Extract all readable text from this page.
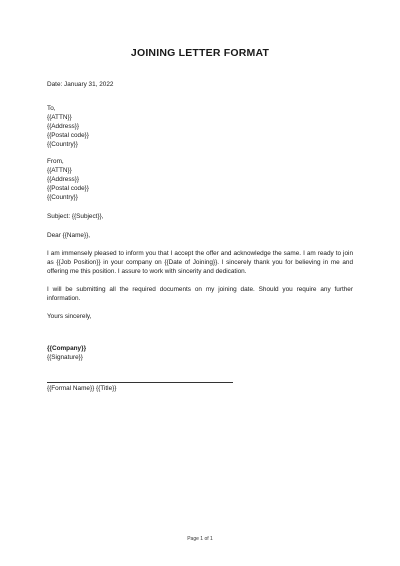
JOINING LETTER FORMAT
Date: January 31, 2022
To,
{{ATTN}}
{{Address}}
{{Postal code}}
{{Country}}
From,
{{ATTN}}
{{Address}}
{{Postal code}}
{{Country}}
Subject: {{Subject}},
Dear {{Name}},
I am immensely pleased to inform you that I accept the offer and acknowledge the same. I am ready to join as {{Job Position}} in your company on {{Date of Joining}}. I sincerely thank you for believing in me and offering me this position. I assure to work with sincerity and dedication.
I will be submitting all the required documents on my joining date. Should you require any further information.
Yours sincerely,
{{Company}}
{{Signature}}
{{Formal Name}} {{Title}}
Page 1 of 1
